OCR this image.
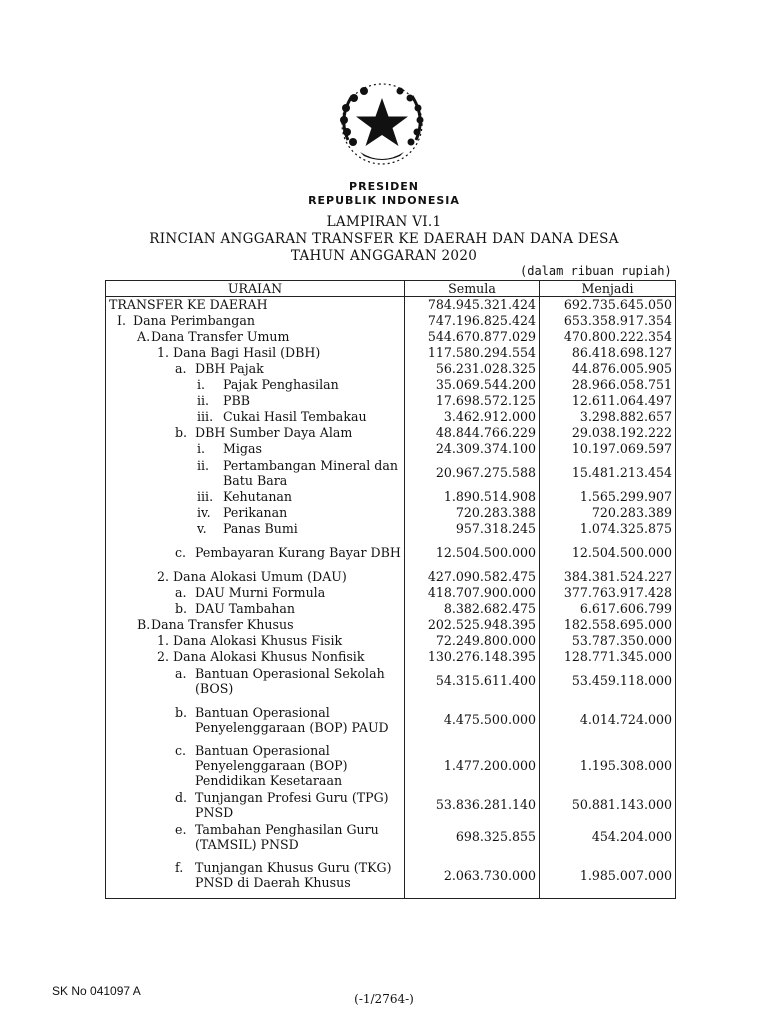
PRESIDEN
REPUBLIK INDONESIA
LAMPIRAN VI.1
RINCIAN ANGGARAN TRANSFER KE DAERAH DAN DANA DESA
TAHUN ANGGARAN 2020
(dalam ribuan rupiah)
URAIAN	Semula	Menjadi

TRANSFER KE DAERAH	784.945.321.424	692.735.645.050

I. Dana Perimbangan	747.196.825.424	653.358.917.354

A. Dana Transfer Umum	544.670.877.029	470.800.222.354

1. Dana Bagi Hasil (DBH)	117.580.294.554	86.418.698.127

a. DBH Pajak	56.231.028.325	44.876.005.905

i. Pajak Penghasilan	35.069.544.200	28.966.058.751

ii. PBB	17.698.572.125	12.611.064.497

iii. Cukai Hasil Tembakau	3.462.912.000	3.298.882.657

b. DBH Sumber Daya Alam	48.844.766.229	29.038.192.222

i. Migas	24.309.374.100	10.197.069.597

ii. Pertambangan Mineral dan Batu Bara	20.967.275.588	15.481.213.454

iii. Kehutanan	1.890.514.908	1.565.299.907

iv. Perikanan	720.283.388	720.283.389

v. Panas Bumi	957.318.245	1.074.325.875

c. Pembayaran Kurang Bayar DBH	12.504.500.000	12.504.500.000

2. Dana Alokasi Umum (DAU)	427.090.582.475	384.381.524.227

a. DAU Murni Formula	418.707.900.000	377.763.917.428

b. DAU Tambahan	8.382.682.475	6.617.606.799

B. Dana Transfer Khusus	202.525.948.395	182.558.695.000

1. Dana Alokasi Khusus Fisik	72.249.800.000	53.787.350.000

2. Dana Alokasi Khusus Nonfisik	130.276.148.395	128.771.345.000

a. Bantuan Operasional Sekolah (BOS)	54.315.611.400	53.459.118.000

b. Bantuan Operasional Penyelenggaraan (BOP) PAUD	4.475.500.000	4.014.724.000

c. Bantuan Operasional Penyelenggaraan (BOP) Pendidikan Kesetaraan	1.477.200.000	1.195.308.000

d. Tunjangan Profesi Guru (TPG) PNSD	53.836.281.140	50.881.143.000

e. Tambahan Penghasilan Guru (TAMSIL) PNSD	698.325.855	454.204.000

f. Tunjangan Khusus Guru (TKG) PNSD di Daerah Khusus	2.063.730.000	1.985.007.000
SK No 041097 A
(-1/2764-)
